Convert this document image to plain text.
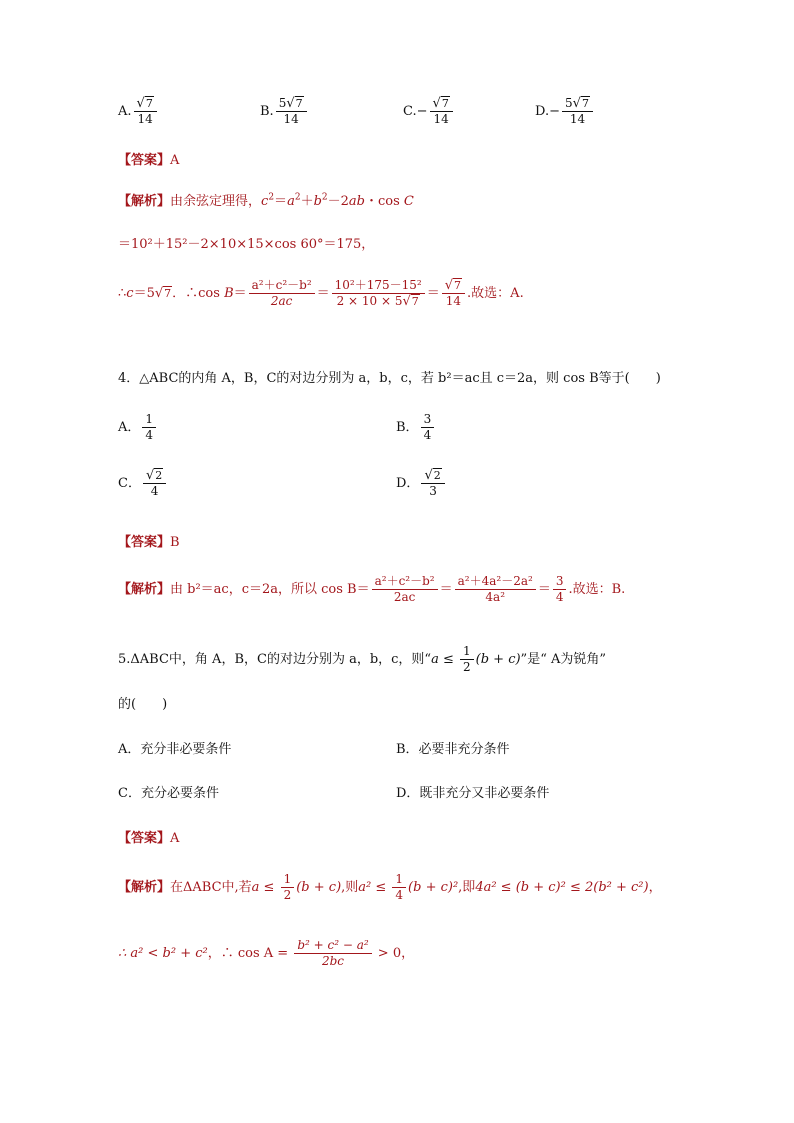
A. $\frac{√7}{14}$	B. $\frac{5√7}{14}$	$C.- \frac{√7}{14}$	$D.- \frac{5√7}{14}$
【答案】A
【解析】由余弦定理得，$c^2=a^2+b^2-2ab$・cos C
＝10²＋15²－2×10×15×cos 60°＝175，
∴c＝5√7．∴cos $B= \frac{\text{a²＋c²－b²}}{2ac} = \frac{\text{10²＋175－15²}}{2 \times 10 \times 5√7} = \frac{√7}{14}$ .故选：A.
4．△ABC的内角 A，B，C的对边分别为 a，b，c，若 b²＝ac且 c＝2a，则 cos B等于(　　)
A． $\frac{1}{4}$	B． $\frac{3}{4}$
C． $\frac{√2}{4}$	D． $\frac{√2}{3}$
【答案】B
【解析】由 b²＝ac，c＝2a，所以 $\cos B= \frac{\text{a²＋c²－b²}}{2ac} = \frac{\text{a²＋4a²－2a²}}{\text{4a²}} = \frac{3}{4}$ .故选：B.
5.ΔABC中，角 A，B，C的对边分别为 a，b，c，则“$a \le \frac{1}{2} (b + c)$”是“ A为锐角”
的(　　)
A．充分非必要条件	B．必要非充分条件
C．充分必要条件	D．既非充分又非必要条件
【答案】A
【解析】在ΔABC中,若$a \le \frac{1}{2} (b + c)$,则$a^2 \le \frac{1}{4} (b + c)^2$,即4a² ≤ (b + c)² ≤ 2(b² + c²)，
∴ a² < b² + c²，∴ $\cos A = \frac{\text{b² + c² − a²}}{2bc} > 0$，
